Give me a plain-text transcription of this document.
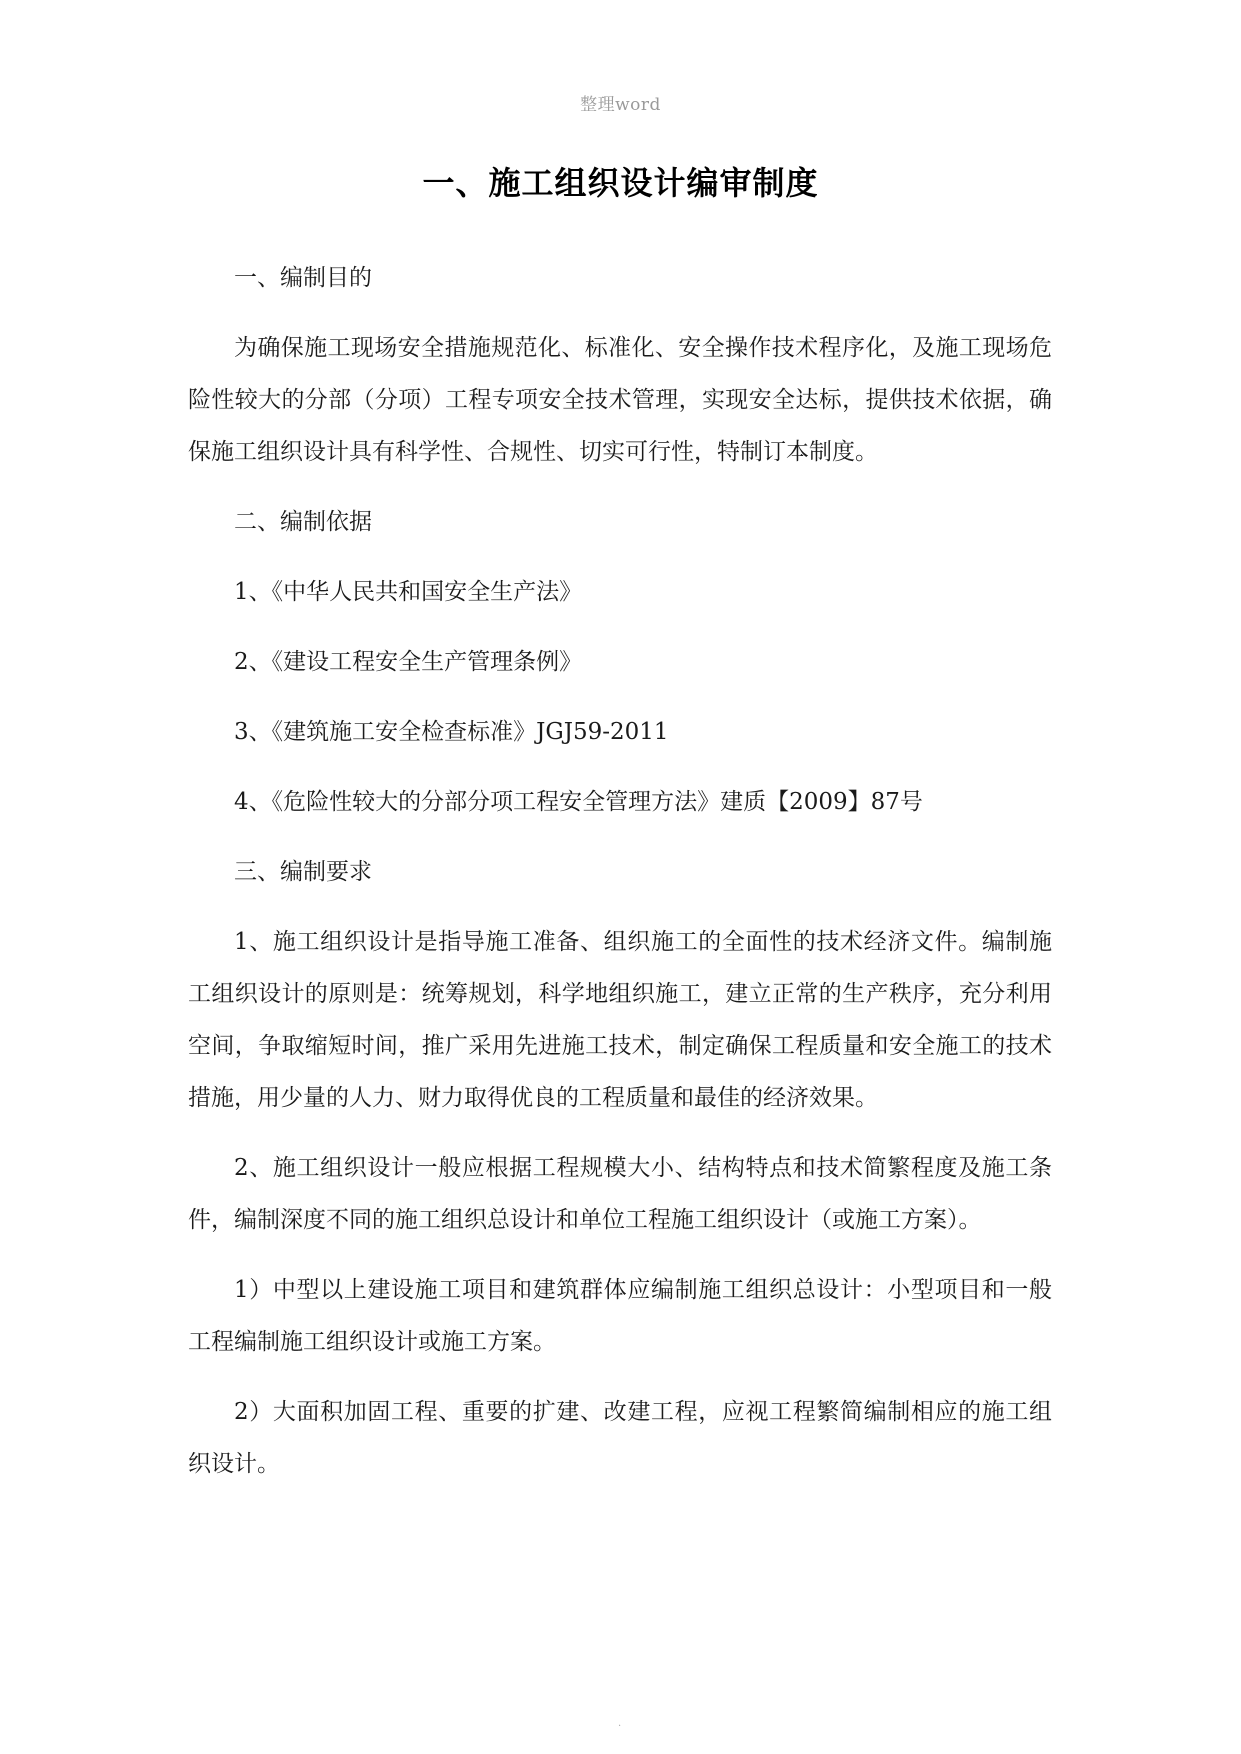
整理word
一、施工组织设计编审制度

一、编制目的

为确保施工现场安全措施规范化、标准化、安全操作技术程序化，及施工现场危险性较大的分部（分项）工程专项安全技术管理，实现安全达标，提供技术依据，确保施工组织设计具有科学性、合规性、切实可行性，特制订本制度。

二、编制依据

1、《中华人民共和国安全生产法》

2、《建设工程安全生产管理条例》

3、《建筑施工安全检查标准》JGJ59-2011

4、《危险性较大的分部分项工程安全管理方法》建质【2009】87号

三、编制要求

1、施工组织设计是指导施工准备、组织施工的全面性的技术经济文件。编制施工组织设计的原则是：统筹规划，科学地组织施工，建立正常的生产秩序，充分利用空间，争取缩短时间，推广采用先进施工技术，制定确保工程质量和安全施工的技术措施，用少量的人力、财力取得优良的工程质量和最佳的经济效果。

2、施工组织设计一般应根据工程规模大小、结构特点和技术简繁程度及施工条件，编制深度不同的施工组织总设计和单位工程施工组织设计（或施工方案）。

1）中型以上建设施工项目和建筑群体应编制施工组织总设计：小型项目和一般工程编制施工组织设计或施工方案。

2）大面积加固工程、重要的扩建、改建工程，应视工程繁简编制相应的施工组织设计。

.
